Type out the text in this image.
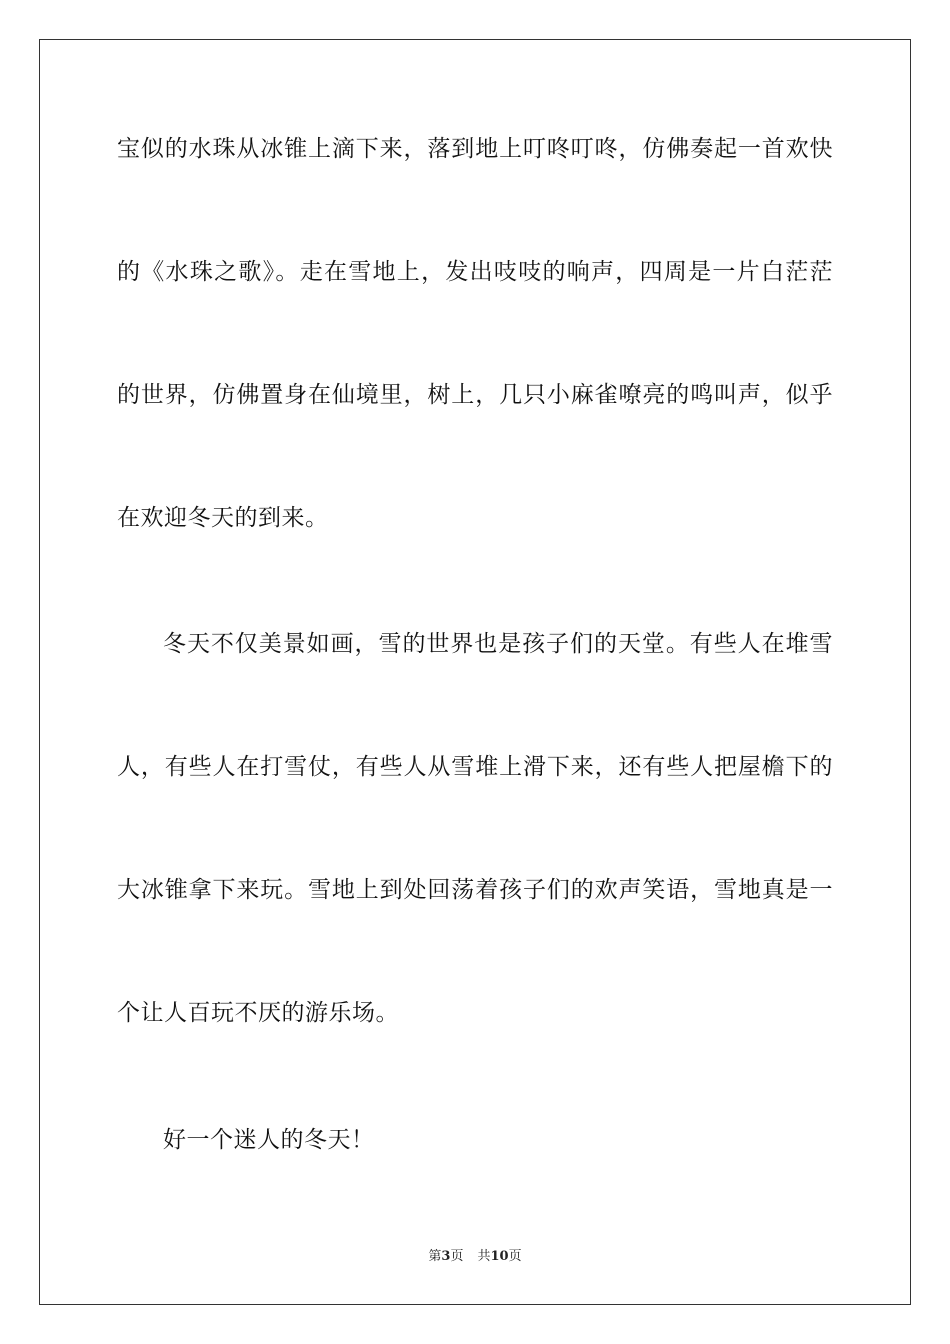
宝似的水珠从冰锥上滴下来，落到地上叮咚叮咚，仿佛奏起一首欢快
的《水珠之歌》。走在雪地上，发出吱吱的响声，四周是一片白茫茫
的世界，仿佛置身在仙境里，树上，几只小麻雀嘹亮的鸣叫声，似乎
在欢迎冬天的到来。
冬天不仅美景如画，雪的世界也是孩子们的天堂。有些人在堆雪
人，有些人在打雪仗，有些人从雪堆上滑下来，还有些人把屋檐下的
大冰锥拿下来玩。雪地上到处回荡着孩子们的欢声笑语，雪地真是一
个让人百玩不厌的游乐场。
好一个迷人的冬天！
第3页 共10页
